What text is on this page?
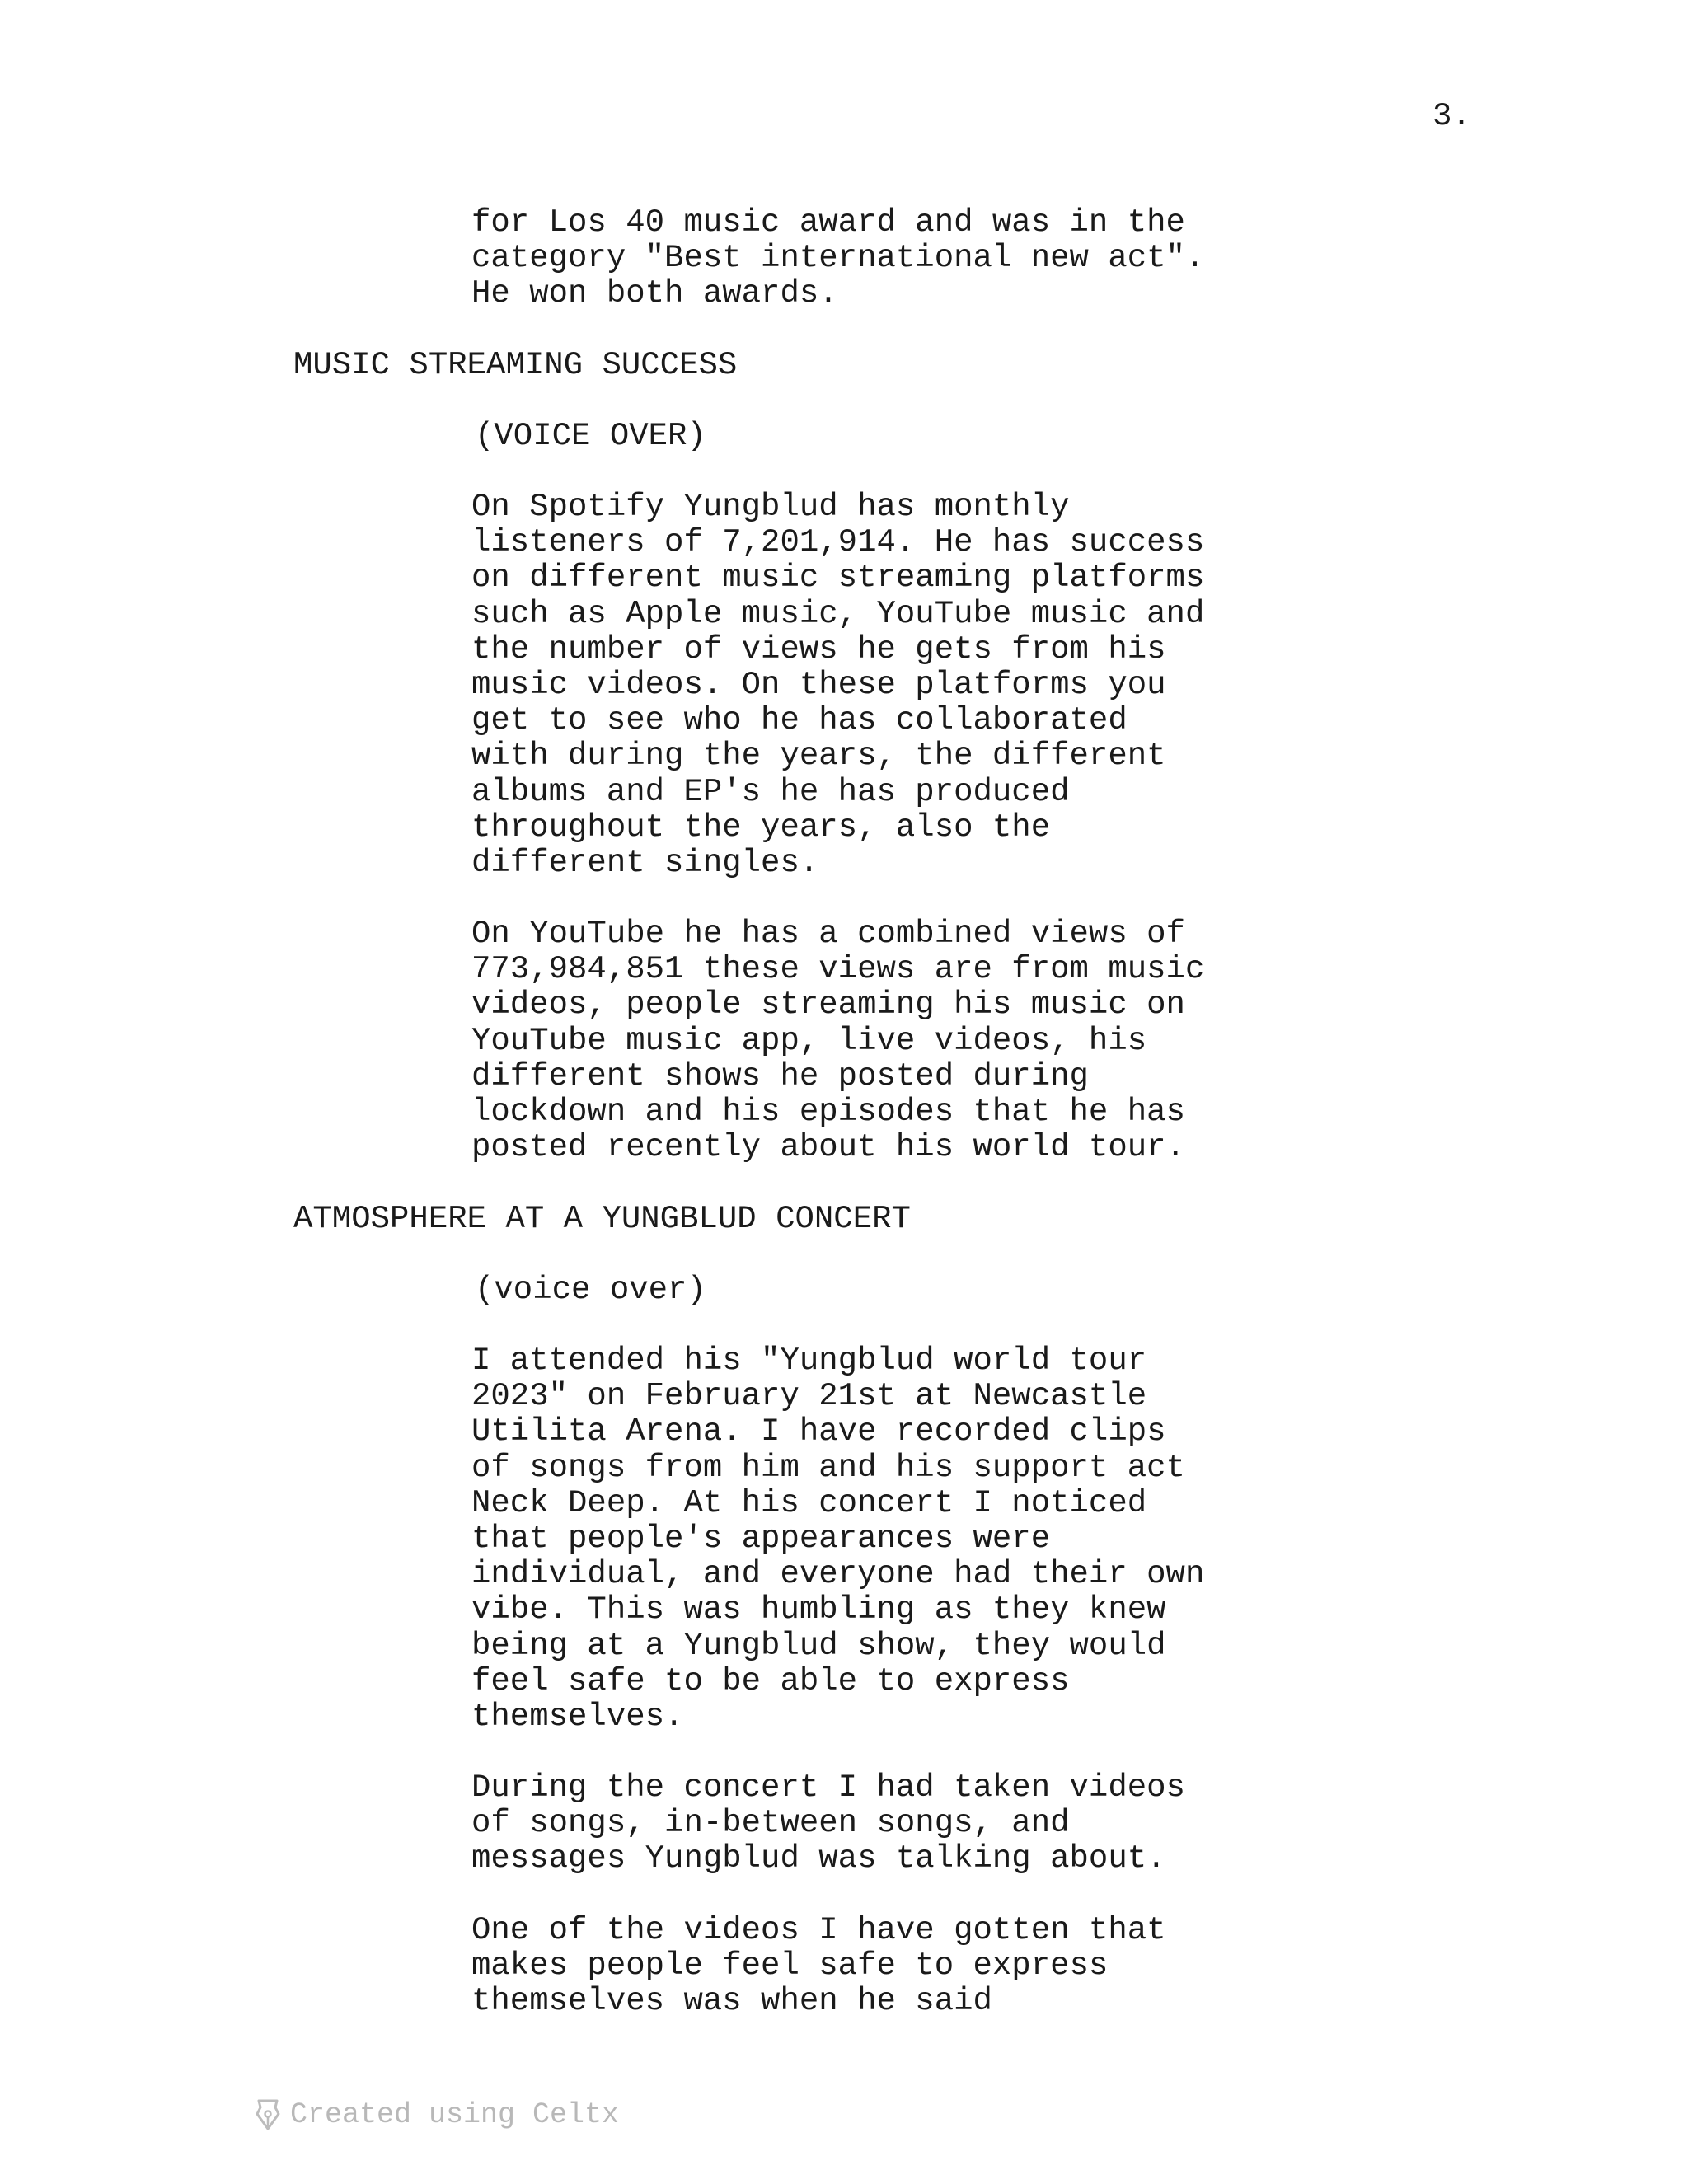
3.
for Los 40 music award and was in the
category "Best international new act".
He won both awards.
MUSIC STREAMING SUCCESS
(VOICE OVER)
On Spotify Yungblud has monthly
listeners of 7,201,914. He has success
on different music streaming platforms
such as Apple music, YouTube music and
the number of views he gets from his
music videos. On these platforms you
get to see who he has collaborated
with during the years, the different
albums and EP's he has produced
throughout the years, also the
different singles.
On YouTube he has a combined views of
773,984,851 these views are from music
videos, people streaming his music on
YouTube music app, live videos, his
different shows he posted during
lockdown and his episodes that he has
posted recently about his world tour.
ATMOSPHERE AT A YUNGBLUD CONCERT
(voice over)
I attended his "Yungblud world tour
2023" on February 21st at Newcastle
Utilita Arena. I have recorded clips
of songs from him and his support act
Neck Deep. At his concert I noticed
that people's appearances were
individual, and everyone had their own
vibe. This was humbling as they knew
being at a Yungblud show, they would
feel safe to be able to express
themselves.
During the concert I had taken videos
of songs, in-between songs, and
messages Yungblud was talking about.
One of the videos I have gotten that
makes people feel safe to express
themselves was when he said
Created using Celtx
